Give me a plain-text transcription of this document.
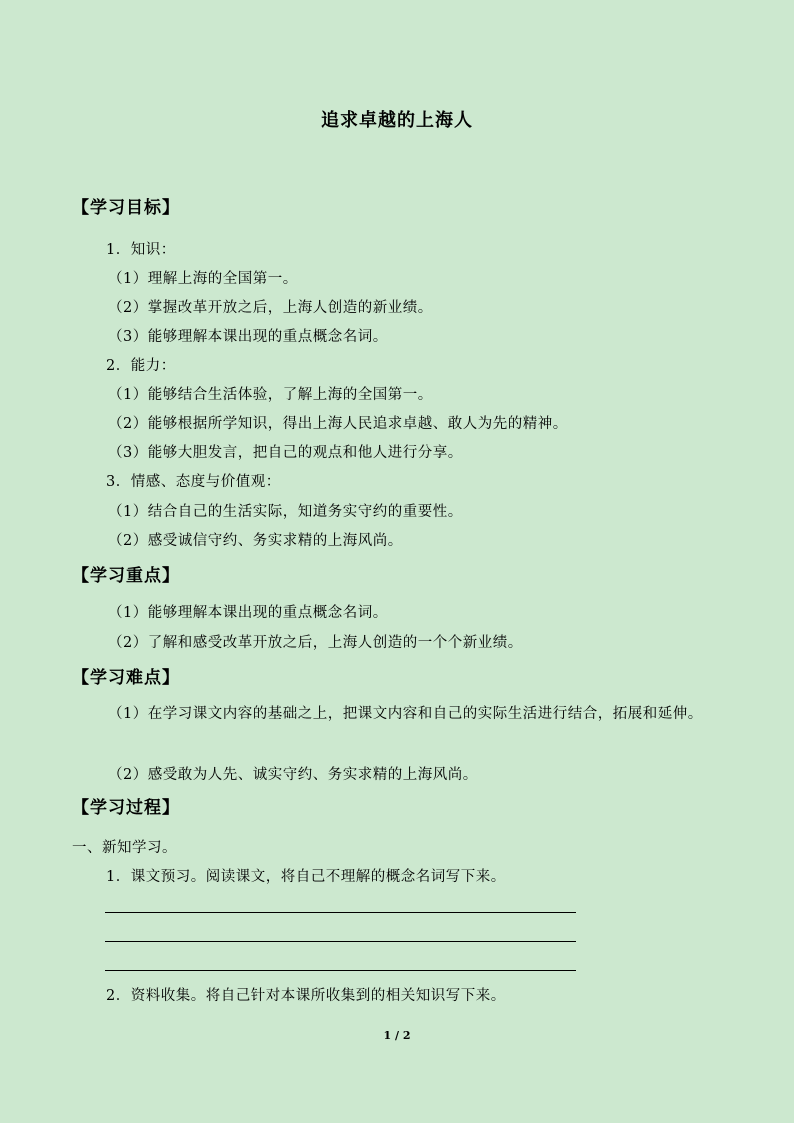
追求卓越的上海人
【学习目标】
1．知识：
（1）理解上海的全国第一。
（2）掌握改革开放之后，上海人创造的新业绩。
（3）能够理解本课出现的重点概念名词。
2．能力：
（1）能够结合生活体验，了解上海的全国第一。
（2）能够根据所学知识，得出上海人民追求卓越、敢人为先的精神。
（3）能够大胆发言，把自己的观点和他人进行分享。
3．情感、态度与价值观：
（1）结合自己的生活实际，知道务实守约的重要性。
（2）感受诚信守约、务实求精的上海风尚。
【学习重点】
（1）能够理解本课出现的重点概念名词。
（2）了解和感受改革开放之后，上海人创造的一个个新业绩。
【学习难点】
（1）在学习课文内容的基础之上，把课文内容和自己的实际生活进行结合，拓展和延伸。
（2）感受敢为人先、诚实守约、务实求精的上海风尚。
【学习过程】
一、新知学习。
1．课文预习。阅读课文，将自己不理解的概念名词写下来。
2．资料收集。将自己针对本课所收集到的相关知识写下来。
1 / 2
